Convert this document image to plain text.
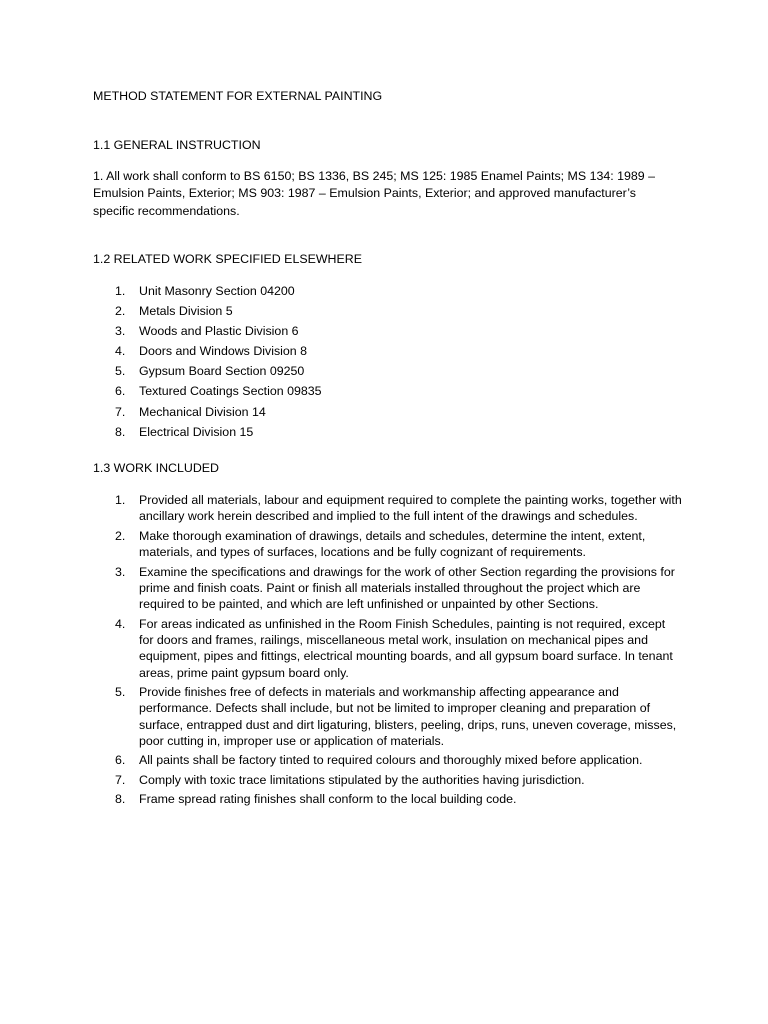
METHOD STATEMENT FOR EXTERNAL PAINTING
1.1 GENERAL INSTRUCTION
1. All work shall conform to BS 6150; BS 1336, BS 245; MS 125: 1985 Enamel Paints; MS 134: 1989 – Emulsion Paints, Exterior; MS 903: 1987 – Emulsion Paints, Exterior; and approved manufacturer’s specific recommendations.
1.2 RELATED WORK SPECIFIED ELSEWHERE
1. Unit Masonry Section 04200
2. Metals Division 5
3. Woods and Plastic Division 6
4. Doors and Windows Division 8
5. Gypsum Board Section 09250
6. Textured Coatings Section 09835
7. Mechanical Division 14
8. Electrical Division 15
1.3 WORK INCLUDED
1. Provided all materials, labour and equipment required to complete the painting works, together with ancillary work herein described and implied to the full intent of the drawings and schedules.
2. Make thorough examination of drawings, details and schedules, determine the intent, extent, materials, and types of surfaces, locations and be fully cognizant of requirements.
3. Examine the specifications and drawings for the work of other Section regarding the provisions for prime and finish coats. Paint or finish all materials installed throughout the project which are required to be painted, and which are left unfinished or unpainted by other Sections.
4. For areas indicated as unfinished in the Room Finish Schedules, painting is not required, except for doors and frames, railings, miscellaneous metal work, insulation on mechanical pipes and equipment, pipes and fittings, electrical mounting boards, and all gypsum board surface. In tenant areas, prime paint gypsum board only.
5. Provide finishes free of defects in materials and workmanship affecting appearance and performance. Defects shall include, but not be limited to improper cleaning and preparation of surface, entrapped dust and dirt ligaturing, blisters, peeling, drips, runs, uneven coverage, misses, poor cutting in, improper use or application of materials.
6. All paints shall be factory tinted to required colours and thoroughly mixed before application.
7. Comply with toxic trace limitations stipulated by the authorities having jurisdiction.
8. Frame spread rating finishes shall conform to the local building code.
